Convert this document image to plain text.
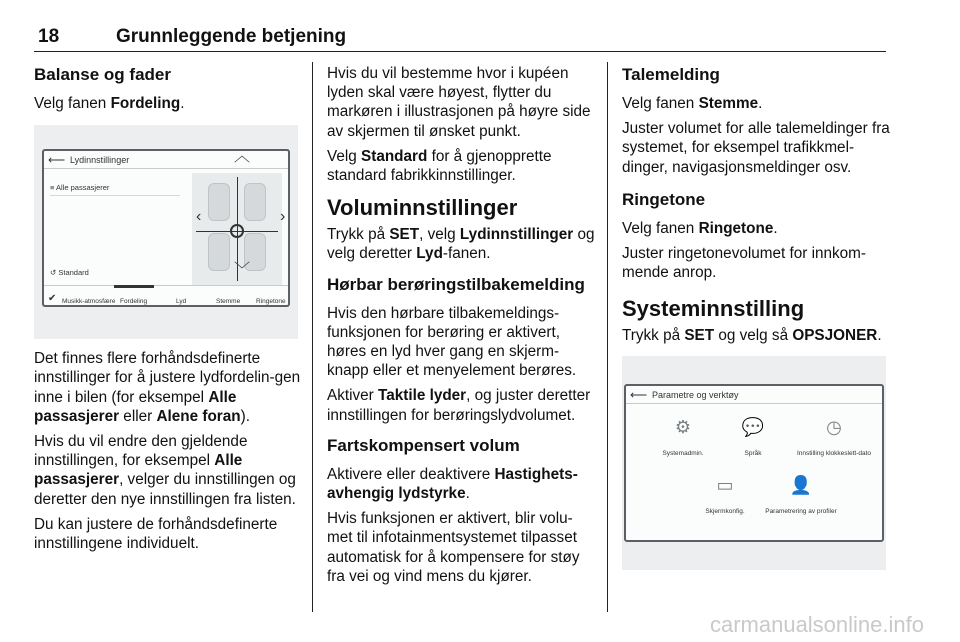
18	Grunnleggende betjening
Balanse og fader

Velg fanen Fordeling.

⟵ Lydinnstillinger
≡ Alle passasjerer
↺ Standard
︿
﹀
‹	›
✔ Musikk-atmosfære Fordeling	Lyd	Stemme Ringetone

Det finnes flere forhåndsdefinerte innstillinger for å justere lydfordelin-gen inne i bilen (for eksempel Alle passasjerer eller Alene foran).

Hvis du vil endre den gjeldende innstillingen, for eksempel Alle passasjerer, velger du innstillingen og deretter den nye innstillingen fra listen.

Du kan justere de forhåndsdefinerte innstillingene individuelt.

Hvis du vil bestemme hvor i kupéen lyden skal være høyest, flytter du markøren i illustrasjonen på høyre side av skjermen til ønsket punkt.

Velg Standard for å gjenopprette standard fabrikkinnstillinger.

Voluminnstillinger

Trykk på SET, velg Lydinnstillinger og velg deretter Lyd-fanen.

Hørbar berøringstilbakemelding

Hvis den hørbare tilbakemeldings-funksjonen for berøring er aktivert, høres en lyd hver gang en skjerm-knapp eller et menyelement berøres.

Aktiver Taktile lyder, og juster deretter innstillingen for berøringslydvolumet.

Fartskompensert volum

Aktivere eller deaktivere Hastighets-avhengig lydstyrke.

Hvis funksjonen er aktivert, blir volu-met til infotainmentsystemet tilpasset automatisk for å kompensere for støy fra vei og vind mens du kjører.

Talemelding

Velg fanen Stemme.

Juster volumet for alle talemeldinger fra systemet, for eksempel trafikkmel-dinger, navigasjonsmeldinger osv.

Ringetone

Velg fanen Ringetone.

Juster ringetonevolumet for innkom-mende anrop.

Systeminnstilling

Trykk på SET og velg så OPSJONER.

⟵ Parametre og verktøy
⚙
Systemadmin.
💬
Språk
◷
Innstilling klokkeslett-dato
▭
Skjermkonfig.
👤
Parametrering av profiler
carmanualsonline.info
